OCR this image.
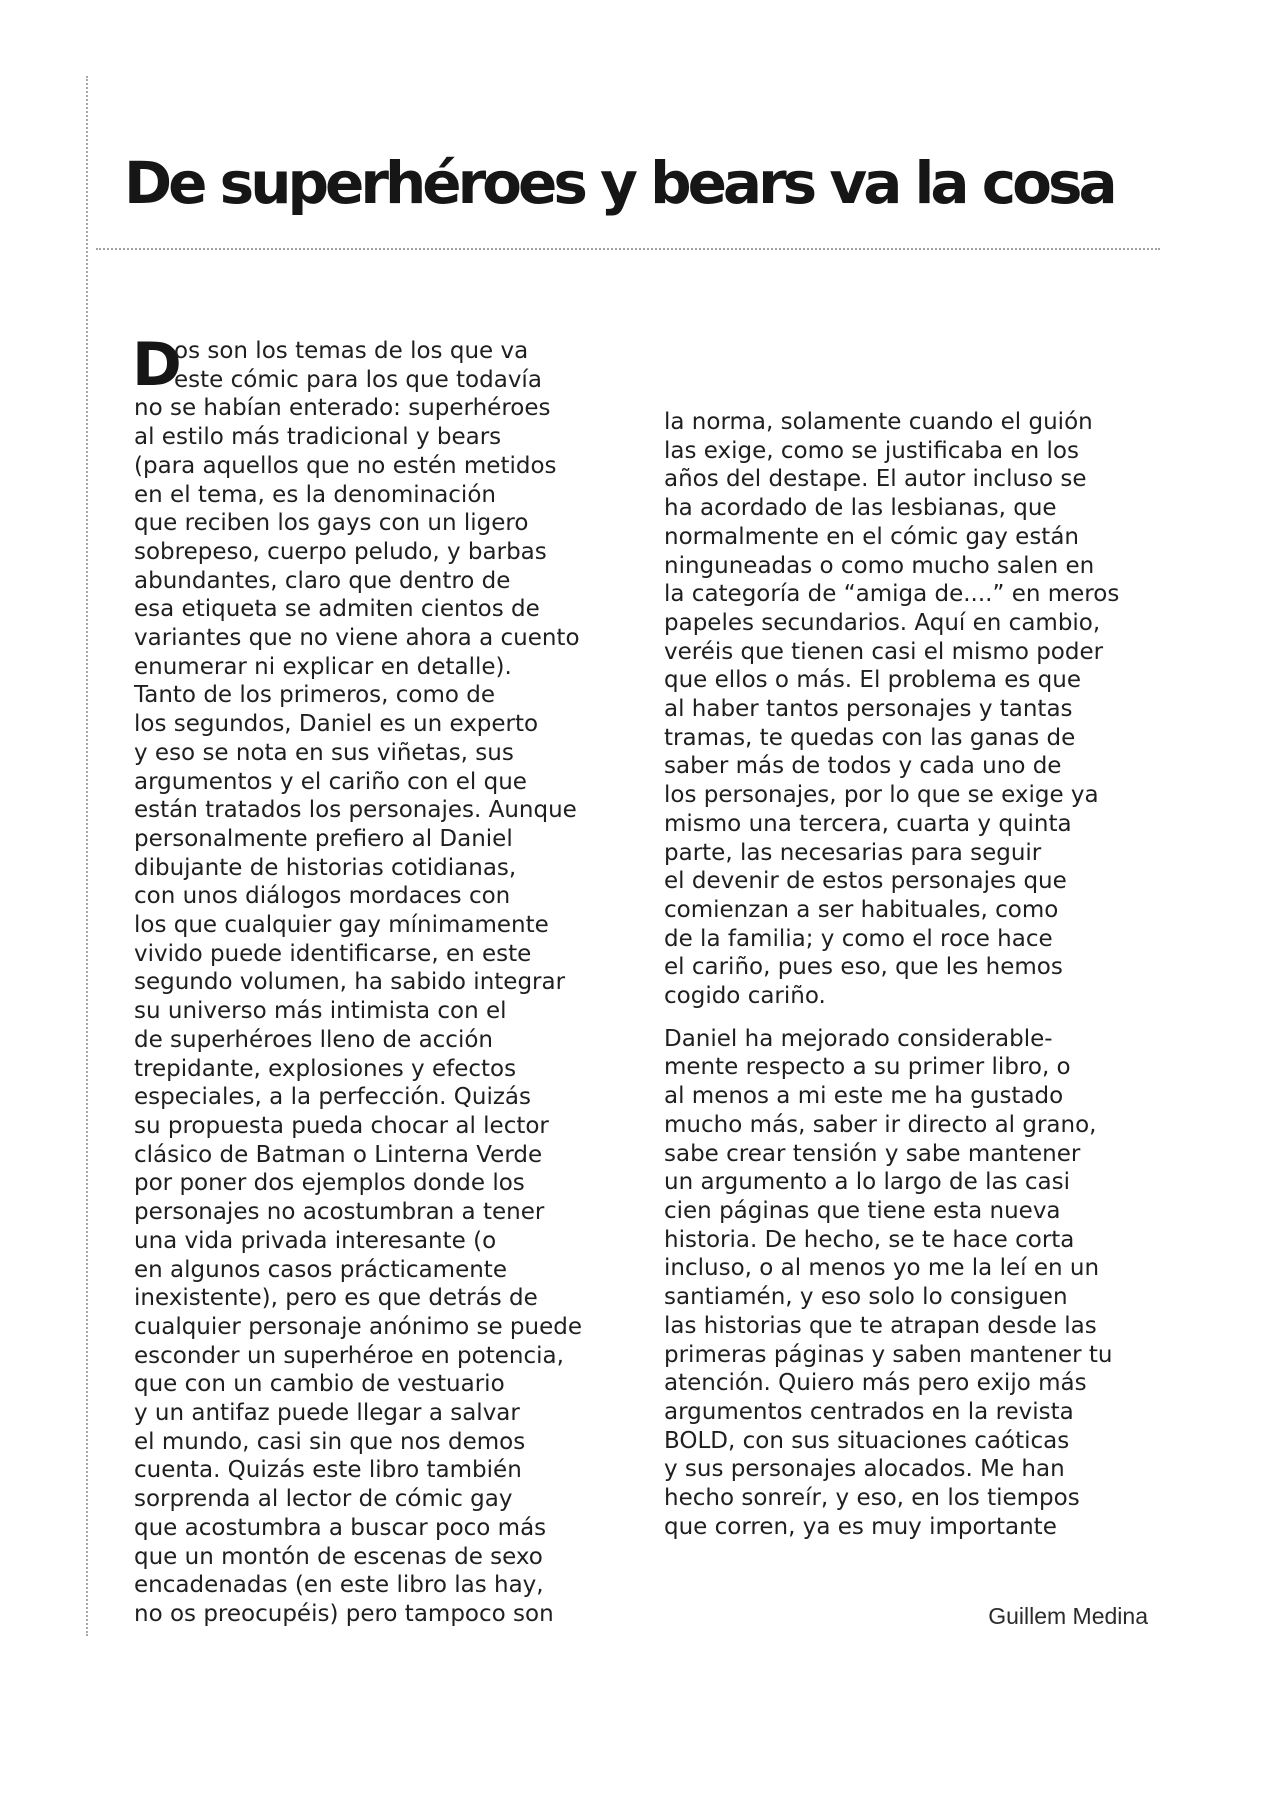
De superhéroes y bears va la cosa
D
os son los temas de los que va
este cómic para los que todavía
no se habían enterado: superhéroes
al estilo más tradicional y bears
(para aquellos que no estén metidos
en el tema, es la denominación
que reciben los gays con un ligero
sobrepeso, cuerpo peludo, y barbas
abundantes, claro que dentro de
esa etiqueta se admiten cientos de
variantes que no viene ahora a cuento
enumerar ni explicar en detalle).
Tanto de los primeros, como de
los segundos, Daniel es un experto
y eso se nota en sus viñetas, sus
argumentos y el cariño con el que
están tratados los personajes. Aunque
personalmente prefiero al Daniel
dibujante de historias cotidianas,
con unos diálogos mordaces con
los que cualquier gay mínimamente
vivido puede identificarse, en este
segundo volumen, ha sabido integrar
su universo más intimista con el
de superhéroes lleno de acción
trepidante, explosiones y efectos
especiales, a la perfección. Quizás
su propuesta pueda chocar al lector
clásico de Batman o Linterna Verde
por poner dos ejemplos donde los
personajes no acostumbran a tener
una vida privada interesante (o
en algunos casos prácticamente
inexistente), pero es que detrás de
cualquier personaje anónimo se puede
esconder un superhéroe en potencia,
que con un cambio de vestuario
y un antifaz puede llegar a salvar
el mundo, casi sin que nos demos
cuenta. Quizás este libro también
sorprenda al lector de cómic gay
que acostumbra a buscar poco más
que un montón de escenas de sexo
encadenadas (en este libro las hay,
no os preocupéis) pero tampoco son
la norma, solamente cuando el guión
las exige, como se justificaba en los
años del destape. El autor incluso se
ha acordado de las lesbianas, que
normalmente en el cómic gay están
ninguneadas o como mucho salen en
la categoría de “amiga de....” en meros
papeles secundarios. Aquí en cambio,
veréis que tienen casi el mismo poder
que ellos o más. El problema es que
al haber tantos personajes y tantas
tramas, te quedas con las ganas de
saber más de todos y cada uno de
los personajes, por lo que se exige ya
mismo una tercera, cuarta y quinta
parte, las necesarias para seguir
el devenir de estos personajes que
comienzan a ser habituales, como
de la familia; y como el roce hace
el cariño, pues eso, que les hemos
cogido cariño.
Daniel ha mejorado considerable-
mente respecto a su primer libro, o
al menos a mi este me ha gustado
mucho más, saber ir directo al grano,
sabe crear tensión y sabe mantener
un argumento a lo largo de las casi
cien páginas que tiene esta nueva
historia. De hecho, se te hace corta
incluso, o al menos yo me la leí en un
santiamén, y eso solo lo consiguen
las historias que te atrapan desde las
primeras páginas y saben mantener tu
atención. Quiero más pero exijo más
argumentos centrados en la revista
BOLD, con sus situaciones caóticas
y sus personajes alocados. Me han
hecho sonreír, y eso, en los tiempos
que corren, ya es muy importante
Guillem Medina
